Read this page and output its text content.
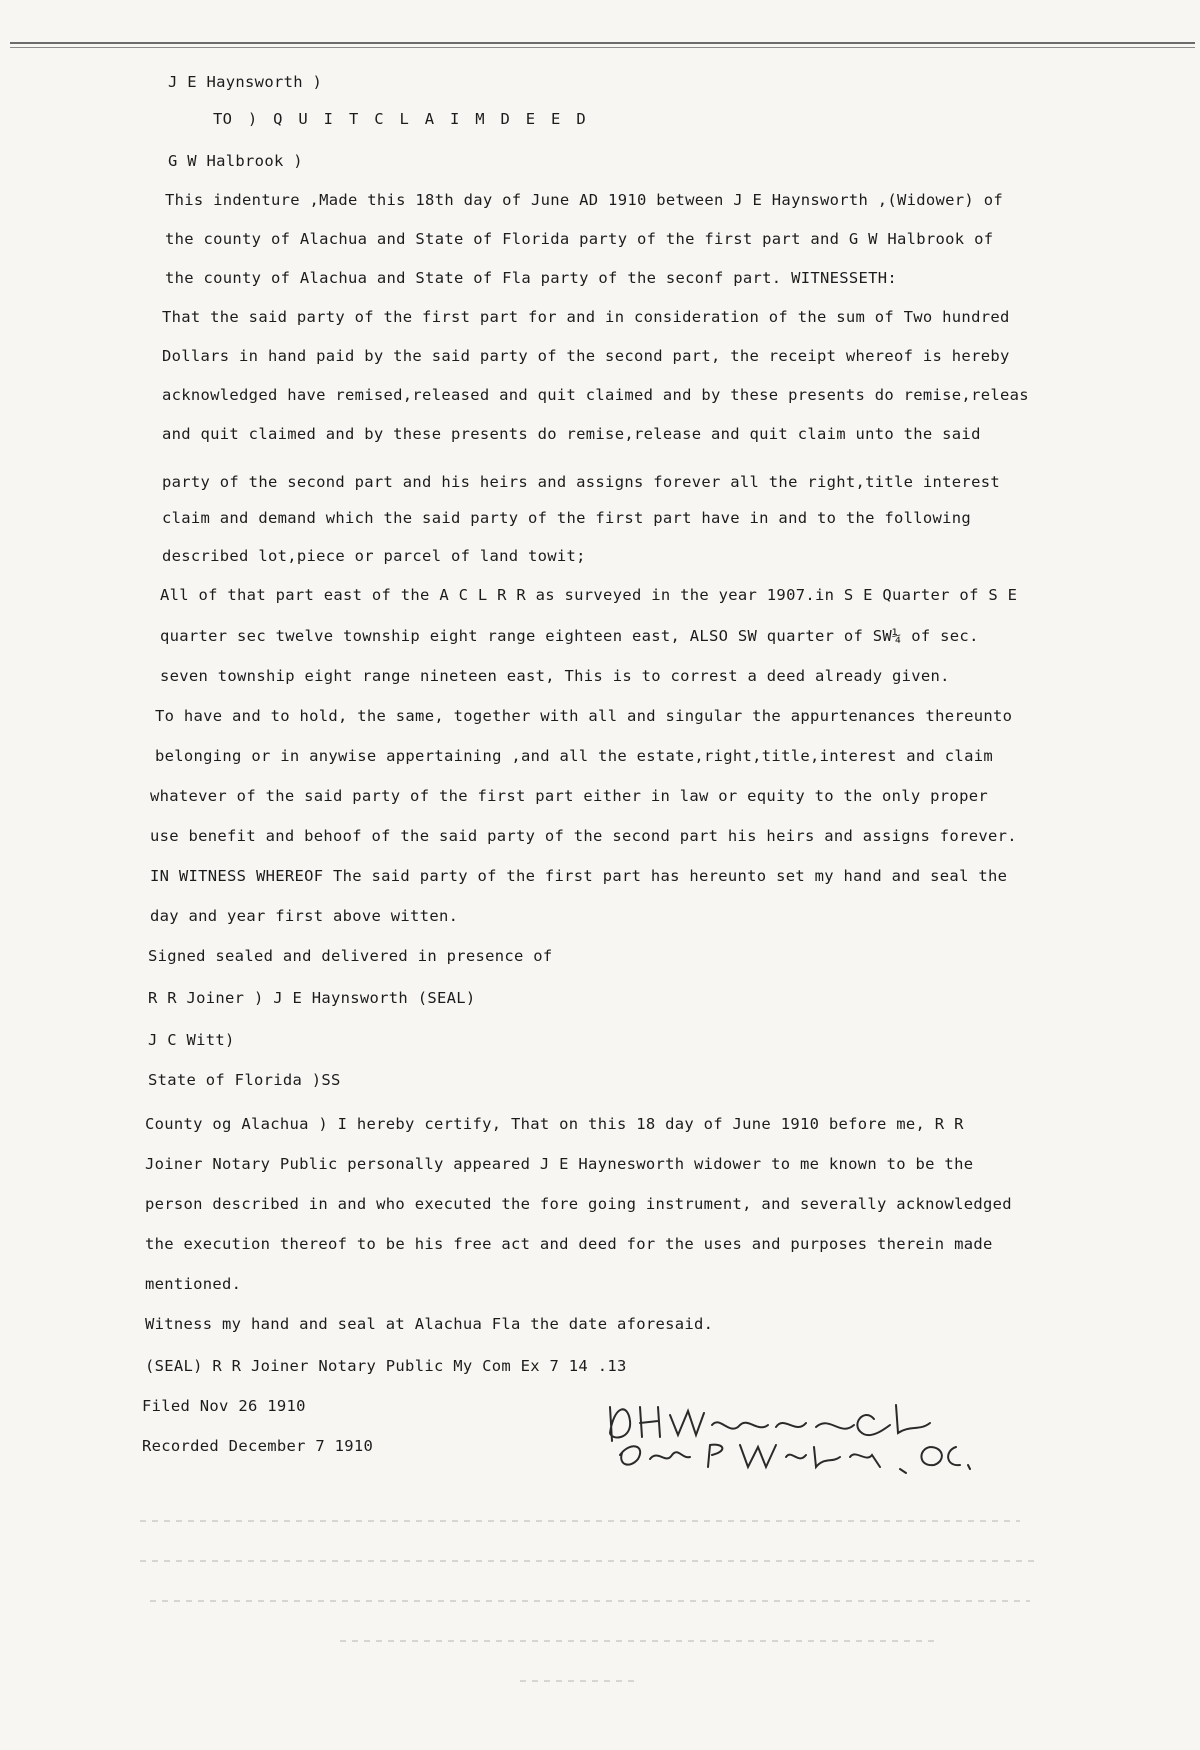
J E Haynsworth )
TO ) Q U I T C L A I M D E E D
G W Halbrook )
This indenture ,Made this 18th day of June AD 1910 between J E Haynsworth ,(Widower) of
the county of Alachua and State of Florida party of the first part and G W Halbrook of
the county of Alachua and State of Fla party of the seconf part. WITNESSETH:
That the said party of the first part for and in consideration of the sum of Two hundred
Dollars in hand paid by the said party of the second part, the receipt whereof is hereby
acknowledged have remised,released and quit claimed and by these presents do remise,releas
and quit claimed and by these presents do remise,release and quit claim unto the said
party of the second part and his heirs and assigns forever all the right,title interest
claim and demand which the said party of the first part have in and to the following
described lot,piece or parcel of land towit;
All of that part east of the A C L R R as surveyed in the year 1907.in S E Quarter of S E
quarter sec twelve township eight range eighteen east, ALSO SW quarter of SW¼ of sec.
seven township eight range nineteen east, This is to correst a deed already given.
To have and to hold, the same, together with all and singular the appurtenances thereunto
belonging or in anywise appertaining ,and all the estate,right,title,interest and claim
whatever of the said party of the first part either in law or equity to the only proper
use benefit and behoof of the said party of the second part his heirs and assigns forever.
IN WITNESS WHEREOF The said party of the first part has hereunto set my hand and seal the
day and year first above witten.
Signed sealed and delivered in presence of
R R Joiner ) J E Haynsworth (SEAL)
J C Witt)
State of Florida )SS
County og Alachua ) I hereby certify, That on this 18 day of June 1910 before me, R R
Joiner Notary Public personally appeared J E Haynesworth widower to me known to be the
person described in and who executed the fore going instrument, and severally acknowledged
the execution thereof to be his free act and deed for the uses and purposes therein made
mentioned.
Witness my hand and seal at Alachua Fla the date aforesaid.
(SEAL) R R Joiner Notary Public My Com Ex 7 14 .13
Filed Nov 26 1910
Recorded December 7 1910
